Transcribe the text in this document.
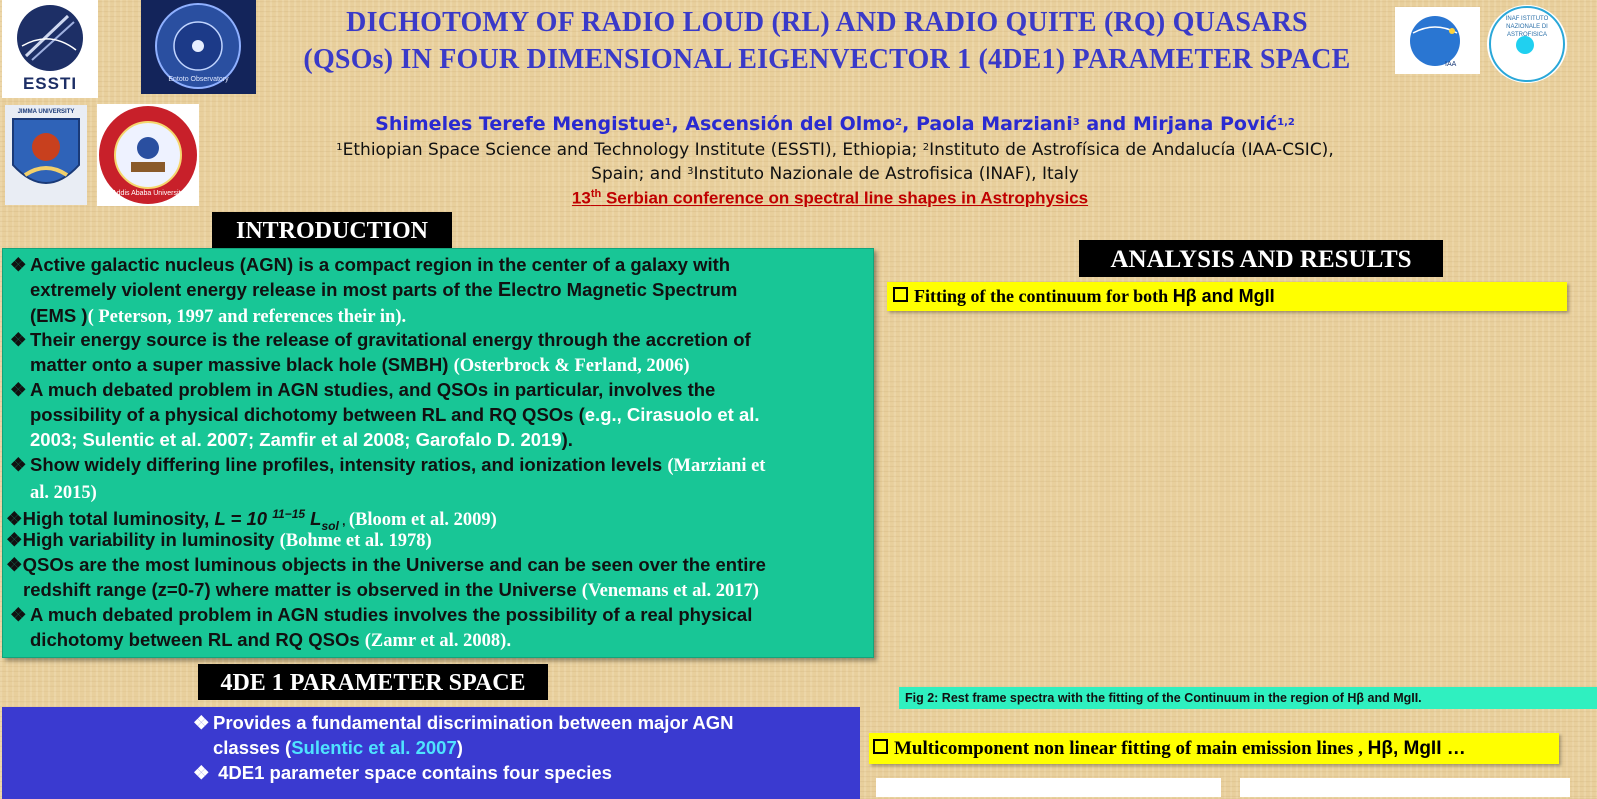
ESSTI	Entoto Observatory
JIMMA UNIVERSITY
Addis Ababa University
IAA
INAF ISTITUTO NAZIONALE DI ASTROFISICA
DICHOTOMY OF RADIO LOUD (RL) AND RADIO QUITE (RQ) QUASARS
(QSOs) IN FOUR DIMENSIONAL EIGENVECTOR 1 (4DE1) PARAMETER SPACE
Shimeles Terefe Mengistue$^1$, Ascensión del Olmo$^2$, Paola Marziani$^3$ and Mirjana Pović$^{1,2}$
$^1$Ethiopian Space Science and Technology Institute (ESSTI), Ethiopia; $^2$Instituto de Astrofísica de Andalucía (IAA-CSIC),
Spain; and $^3$Instituto Nazionale de Astrofisica (INAF), Italy
13th Serbian conference on spectral line shapes in Astrophysics
INTRODUCTION
❖ Active galactic nucleus (AGN) is a compact region in the center of a galaxy with
extremely violent energy release in most parts of the Electro Magnetic Spectrum
(EMS )( Peterson, 1997 and references their in).
❖ Their energy source is the release of gravitational energy through the accretion of
matter onto a super massive black hole (SMBH) (Osterbrock & Ferland, 2006)
❖ A much debated problem in AGN studies, and QSOs in particular, involves the
possibility of a physical dichotomy between RL and RQ QSOs (e.g., Cirasuolo et al.
2003; Sulentic et al. 2007; Zamfir et al 2008; Garofalo D. 2019).
❖ Show widely differing line profiles, intensity ratios, and ionization levels (Marziani et
al. 2015)
❖High total luminosity, L = 10 $^{11-15}$ $L_{sol}$ , (Bloom et al. 2009)
❖High variability in luminosity (Bohme et al. 1978)
❖QSOs are the most luminous objects in the Universe and can be seen over the entire
redshift range (z=0-7) where matter is observed in the Universe (Venemans et al. 2017)
❖ A much debated problem in AGN studies involves the possibility of a real physical
dichotomy between RL and RQ QSOs (Zamr et al. 2008).
4DE 1 PARAMETER SPACE
❖ Provides a fundamental discrimination between major AGN
classes (Sulentic et al. 2007)
❖ 4DE1 parameter space contains four species
ANALYSIS AND RESULTS
Fitting of the continuum for both Hβ and MgII
Fig 2: Rest frame spectra with the fitting of the Continuum in the region of Hβ and MgII.
Multicomponent non linear fitting of main emission lines , Hβ, MgII …
